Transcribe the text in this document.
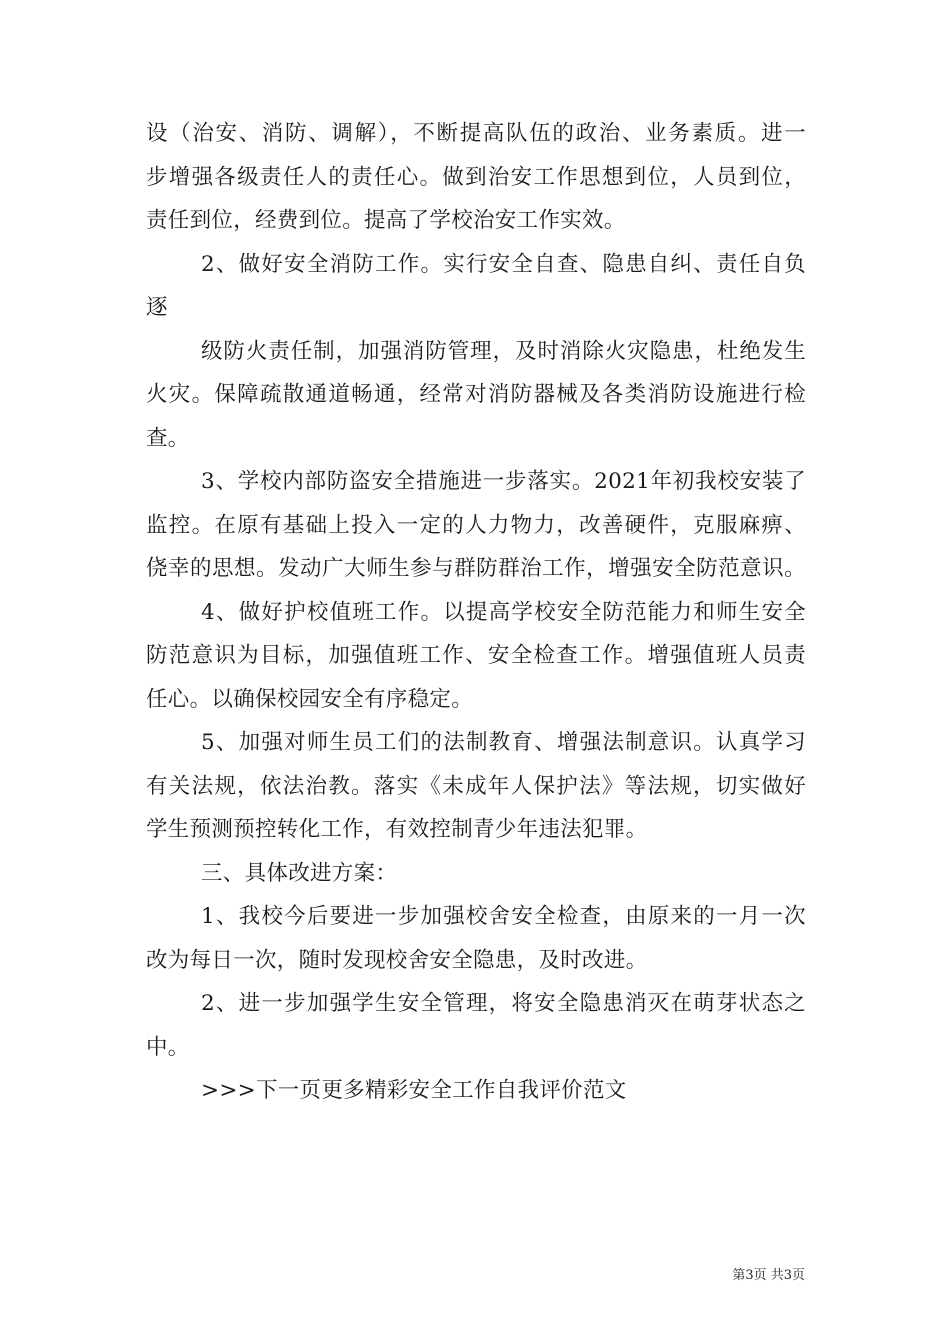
设（治安、消防、调解），不断提高队伍的政治、业务素质。进一
步增强各级责任人的责任心。做到治安工作思想到位，人员到位，
责任到位，经费到位。提高了学校治安工作实效。
2、做好安全消防工作。实行安全自查、隐患自纠、责任自负
逐
级防火责任制，加强消防管理，及时消除火灾隐患，杜绝发生
火灾。保障疏散通道畅通，经常对消防器械及各类消防设施进行检
查。
3、学校内部防盗安全措施进一步落实。2021年初我校安装了
监控。在原有基础上投入一定的人力物力，改善硬件，克服麻痹、
侥幸的思想。发动广大师生参与群防群治工作，增强安全防范意识。
4、做好护校值班工作。以提高学校安全防范能力和师生安全
防范意识为目标，加强值班工作、安全检查工作。增强值班人员责
任心。以确保校园安全有序稳定。
5、加强对师生员工们的法制教育、增强法制意识。认真学习
有关法规，依法治教。落实《未成年人保护法》等法规，切实做好
学生预测预控转化工作，有效控制青少年违法犯罪。
三、具体改进方案：
1、我校今后要进一步加强校舍安全检查，由原来的一月一次
改为每日一次，随时发现校舍安全隐患，及时改进。
2、进一步加强学生安全管理，将安全隐患消灭在萌芽状态之
中。
>>>下一页更多精彩安全工作自我评价范文
第3页 共3页
